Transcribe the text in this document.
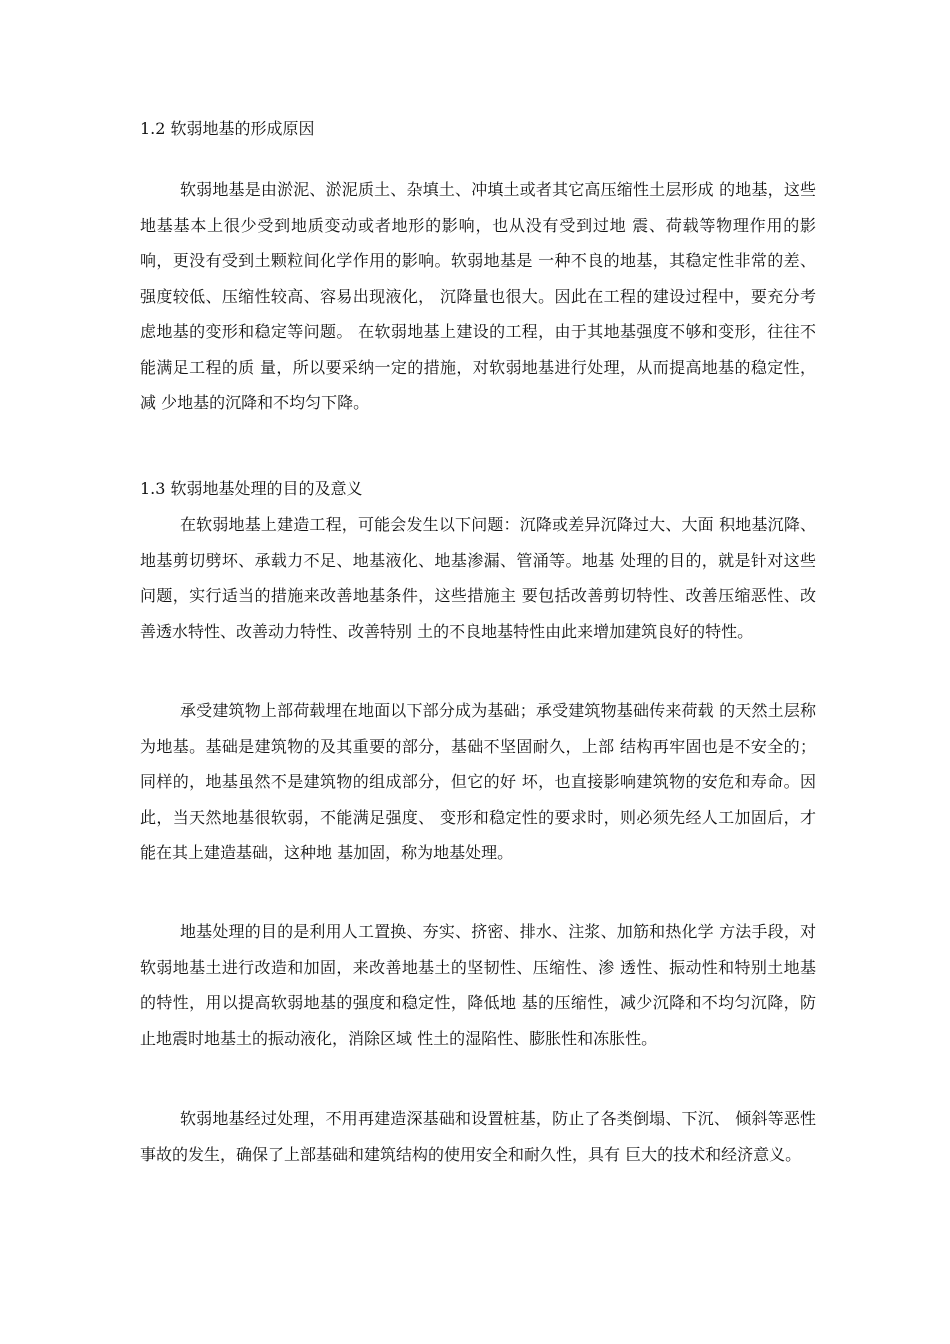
1.2 软弱地基的形成原因

软弱地基是由淤泥、淤泥质土、杂填土、冲填土或者其它高压缩性土层形成 的地基，这些地基基本上很少受到地质变动或者地形的影响，也从没有受到过地 震、荷载等物理作用的影响，更没有受到土颗粒间化学作用的影响。软弱地基是 一种不良的地基，其稳定性非常的差、强度较低、压缩性较高、容易出现液化， 沉降量也很大。因此在工程的建设过程中，要充分考虑地基的变形和稳定等问题。 在软弱地基上建设的工程，由于其地基强度不够和变形，往往不能满足工程的质 量，所以要采纳一定的措施，对软弱地基进行处理，从而提高地基的稳定性，减 少地基的沉降和不均匀下降。

1.3 软弱地基处理的目的及意义

在软弱地基上建造工程，可能会发生以下问题：沉降或差异沉降过大、大面 积地基沉降、地基剪切劈坏、承载力不足、地基液化、地基渗漏、管涌等。地基 处理的目的，就是针对这些问题，实行适当的措施来改善地基条件，这些措施主 要包括改善剪切特性、改善压缩恶性、改善透水特性、改善动力特性、改善特别 土的不良地基特性由此来增加建筑良好的特性。

承受建筑物上部荷载埋在地面以下部分成为基础；承受建筑物基础传来荷载 的天然土层称为地基。基础是建筑物的及其重要的部分，基础不坚固耐久，上部 结构再牢固也是不安全的；同样的，地基虽然不是建筑物的组成部分，但它的好 坏，也直接影响建筑物的安危和寿命。因此，当天然地基很软弱，不能满足强度、 变形和稳定性的要求时，则必须先经人工加固后，才能在其上建造基础，这种地 基加固，称为地基处理。

地基处理的目的是利用人工置换、夯实、挤密、排水、注浆、加筋和热化学 方法手段，对软弱地基土进行改造和加固，来改善地基土的坚韧性、压缩性、渗 透性、振动性和特别土地基的特性，用以提高软弱地基的强度和稳定性，降低地 基的压缩性，减少沉降和不均匀沉降，防止地震时地基土的振动液化，消除区域 性土的湿陷性、膨胀性和冻胀性。

软弱地基经过处理，不用再建造深基础和设置桩基，防止了各类倒塌、下沉、 倾斜等恶性事故的发生，确保了上部基础和建筑结构的使用安全和耐久性，具有 巨大的技术和经济意义。
